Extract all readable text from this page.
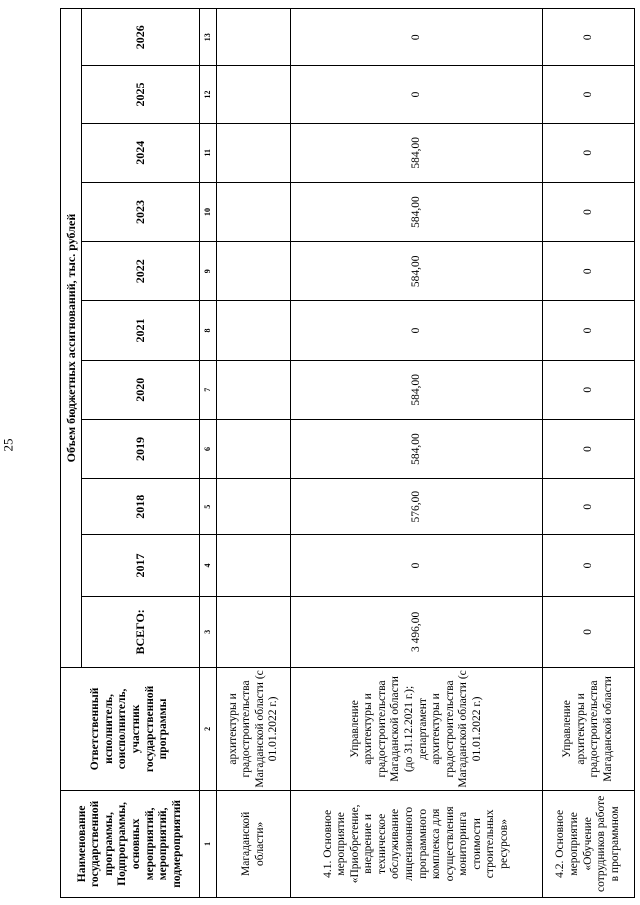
25
Наименование государственной программы, Подпрограммы, основных мероприятий, мероприятий, подмероприятий	Ответственный исполнитель, соисполнитель, участник государственной программы	Объем бюджетных ассигнований, тыс. рублей										
		ВСЕГО:	2017	2018	2019	2020	2021	2022	2023	2024	2025	2026
1	2	3	4	5	6	7	8	9	10	11	12	13
Магаданской области»	архитектуры и градостроительства Магаданской области (с 01.01.2022 г.)											
4.1. Основное мероприятие «Приобретение, внедрение и техническое обслуживание лицензионного программного комплекса для осуществления мониторинга стоимости строительных ресурсов»	Управление архитектуры и градостроительства Магаданской области (до 31.12.2021 г.); департамент архитектуры и градостроительства Магаданской области (с 01.01.2022 г.)	3 496,00	0	576,00	584,00	584,00	0	584,00	584,00	584,00	0	0
4.2. Основное мероприятие «Обучение сотрудников работе в программном	Управление архитектуры и градостроительства Магаданской области	0	0	0	0	0	0	0	0	0	0	0
